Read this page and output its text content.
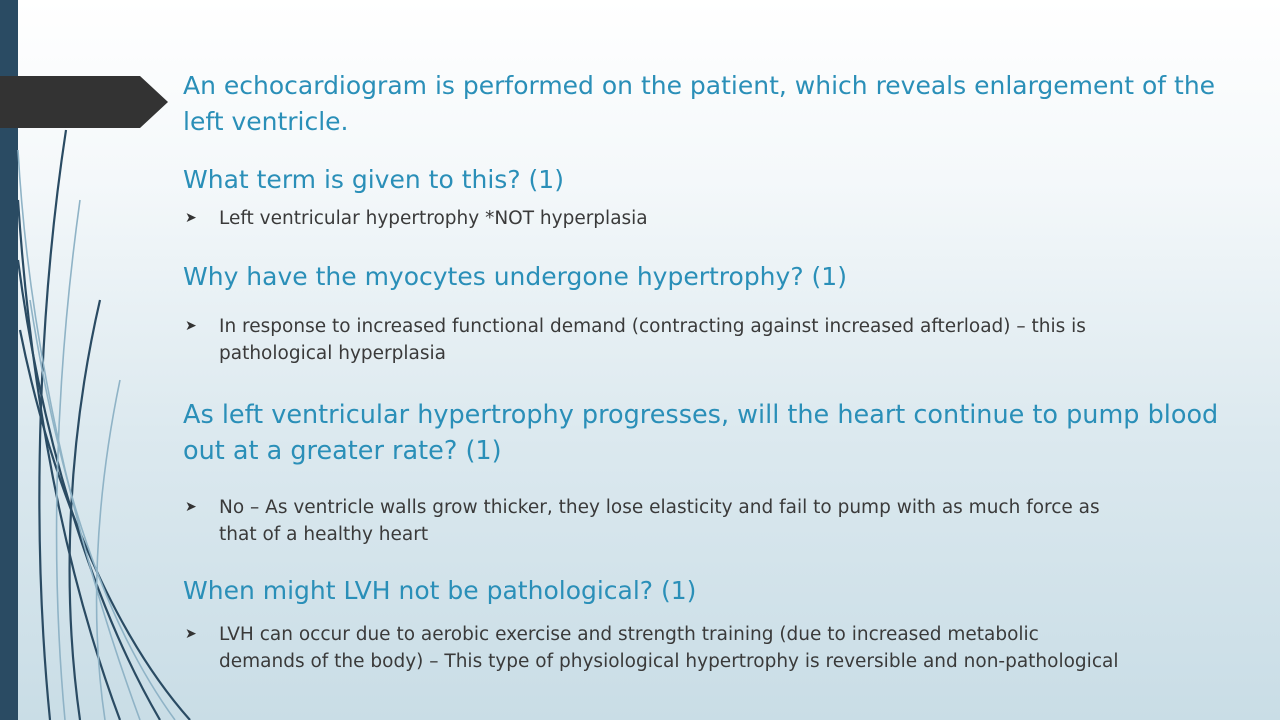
An echocardiogram is performed on the patient, which reveals enlargement of the left ventricle.

What term is given to this? (1)

➤ Left ventricular hypertrophy *NOT hyperplasia

Why have the myocytes undergone hypertrophy? (1)

➤ In response to increased functional demand (contracting against increased afterload) – this is pathological hyperplasia

As left ventricular hypertrophy progresses, will the heart continue to pump blood out at a greater rate? (1)

➤ No – As ventricle walls grow thicker, they lose elasticity and fail to pump with as much force as that of a healthy heart

When might LVH not be pathological? (1)

➤ LVH can occur due to aerobic exercise and strength training (due to increased metabolic demands of the body) – This type of physiological hypertrophy is reversible and non-pathological
